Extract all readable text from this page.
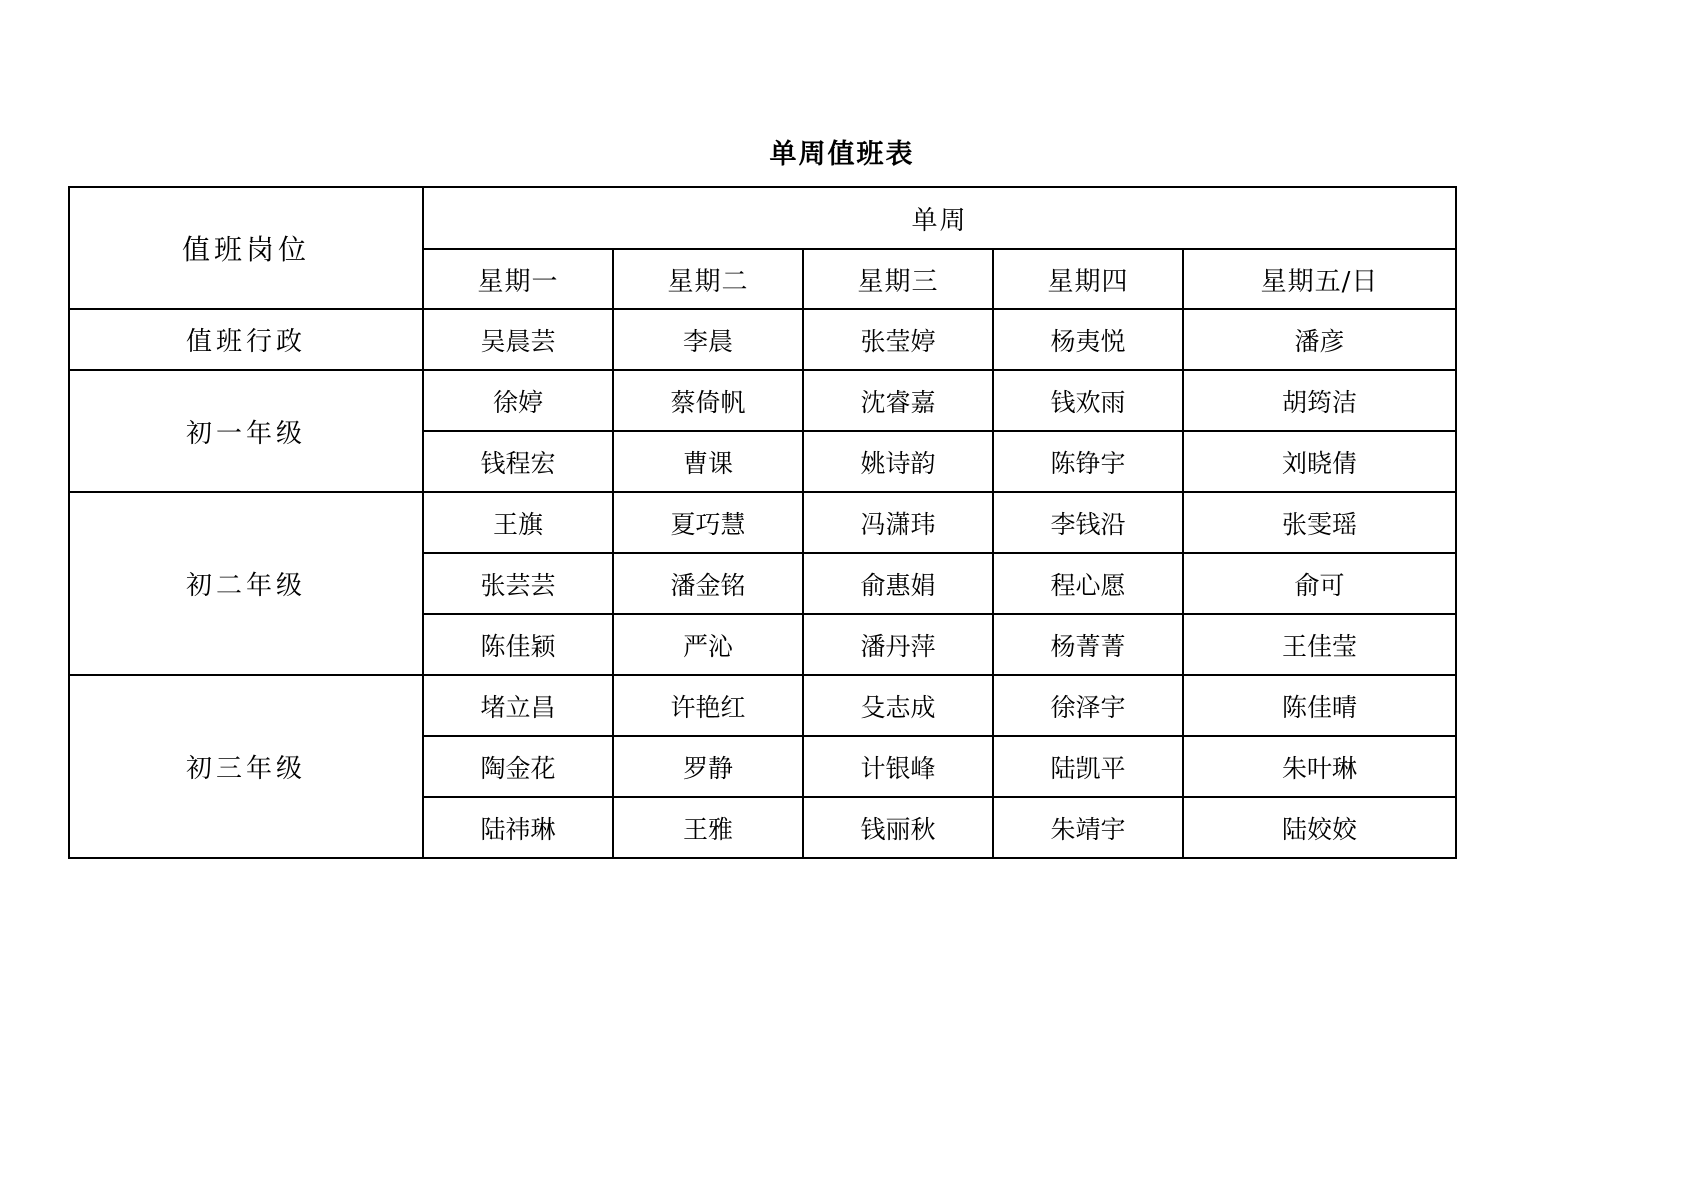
单周值班表
值班岗位	单周				
	星期一	星期二	星期三	星期四	星期五/日
值班行政	吴晨芸	李晨	张莹婷	杨夷悦	潘彦
初一年级	徐婷	蔡倚帆	沈睿嘉	钱欢雨	胡筠洁
	钱程宏	曹课	姚诗韵	陈铮宇	刘晓倩
初二年级	王旗	夏巧慧	冯潇玮	李钱沿	张雯瑶
	张芸芸	潘金铭	俞惠娟	程心愿	俞可
	陈佳颖	严沁	潘丹萍	杨菁菁	王佳莹
初三年级	堵立昌	许艳红	殳志成	徐泽宇	陈佳晴
	陶金花	罗静	计银峰	陆凯平	朱叶琳
	陆祎琳	王雅	钱丽秋	朱靖宇	陆姣姣
